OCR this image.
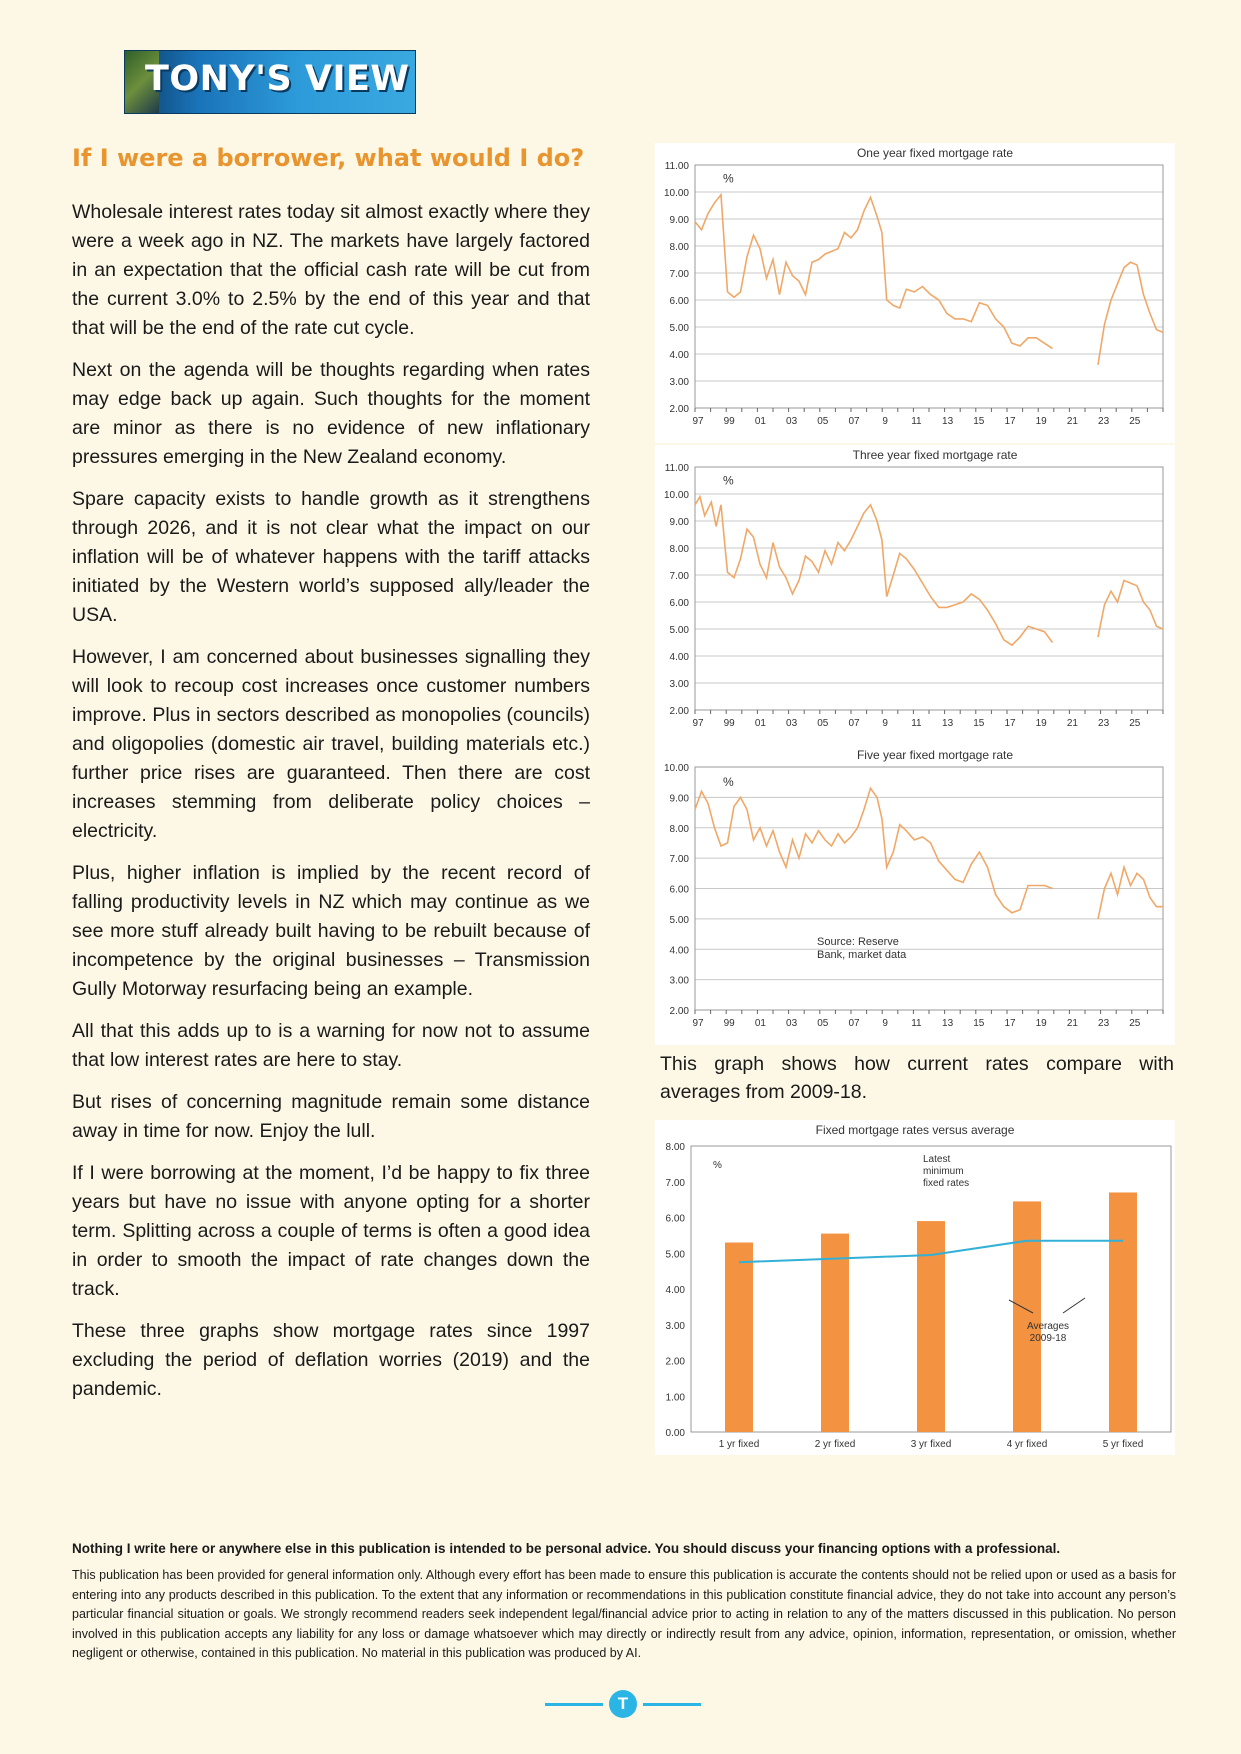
TONY'S VIEW
If I were a borrower, what would I do?

Wholesale interest rates today sit almost exactly where they were a week ago in NZ. The markets have largely factored in an expectation that the official cash rate will be cut from the current 3.0% to 2.5% by the end of this year and that that will be the end of the rate cut cycle.

Next on the agenda will be thoughts regarding when rates may edge back up again. Such thoughts for the moment are minor as there is no evidence of new inflationary pressures emerging in the New Zealand economy.

Spare capacity exists to handle growth as it strengthens through 2026, and it is not clear what the impact on our inflation will be of whatever happens with the tariff attacks initiated by the Western world’s supposed ally/leader the USA.

However, I am concerned about businesses signalling they will look to recoup cost increases once customer numbers improve. Plus in sectors described as monopolies (councils) and oligopolies (domestic air travel, building materials etc.) further price rises are guaranteed. Then there are cost increases stemming from deliberate policy choices – electricity.

Plus, higher inflation is implied by the recent record of falling productivity levels in NZ which may continue as we see more stuff already built having to be rebuilt because of incompetence by the original businesses – Transmission Gully Motorway resurfacing being an example.

All that this adds up to is a warning for now not to assume that low interest rates are here to stay.

But rises of concerning magnitude remain some distance away in time for now. Enjoy the lull.

If I were borrowing at the moment, I’d be happy to fix three years but have no issue with anyone opting for a shorter term. Splitting across a couple of terms is often a good idea in order to smooth the impact of rate changes down the track.

These three graphs show mortgage rates since 1997 excluding the period of deflation worries (2019) and the pandemic.

One year fixed mortgage rate
2.00
3.00
4.00
5.00
6.00
7.00
8.00
9.00
10.00
11.00
%
97 99 01 03 05 07 9 11 13 15 17 19 21 23 25
Three year fixed mortgage rate
2.00
3.00
4.00
5.00
6.00
7.00
8.00
9.00
10.00
11.00
%
97 99 01 03 05 07 9 11 13 15 17 19 21 23 25
Five year fixed mortgage rate
2.00
3.00
4.00
5.00
6.00
7.00
8.00
9.00
10.00
%
97 99 01 03 05 07 9 11 13 15 17 19 21 23 25
Source: Reserve
Bank, market data

This graph shows how current rates compare with averages from 2009-18.

Fixed mortgage rates versus average
0.00
1.00
2.00
3.00
4.00
5.00
6.00
7.00
8.00
%
1 yr fixed	2 yr fixed	3 yr fixed	4 yr fixed	5 yr fixed
Latest
minimum
fixed rates
Averages
2009-18
Nothing I write here or anywhere else in this publication is intended to be personal advice. You should discuss your financing options with a professional.

This publication has been provided for general information only. Although every effort has been made to ensure this publication is accurate the contents should not be relied upon or used as a basis for entering into any products described in this publication. To the extent that any information or recommendations in this publication constitute financial advice, they do not take into account any person’s particular financial situation or goals. We strongly recommend readers seek independent legal/financial advice prior to acting in relation to any of the matters discussed in this publication. No person involved in this publication accepts any liability for any loss or damage whatsoever which may directly or indirectly result from any advice, opinion, information, representation, or omission, whether negligent or otherwise, contained in this publication. No material in this publication was produced by AI.

T
